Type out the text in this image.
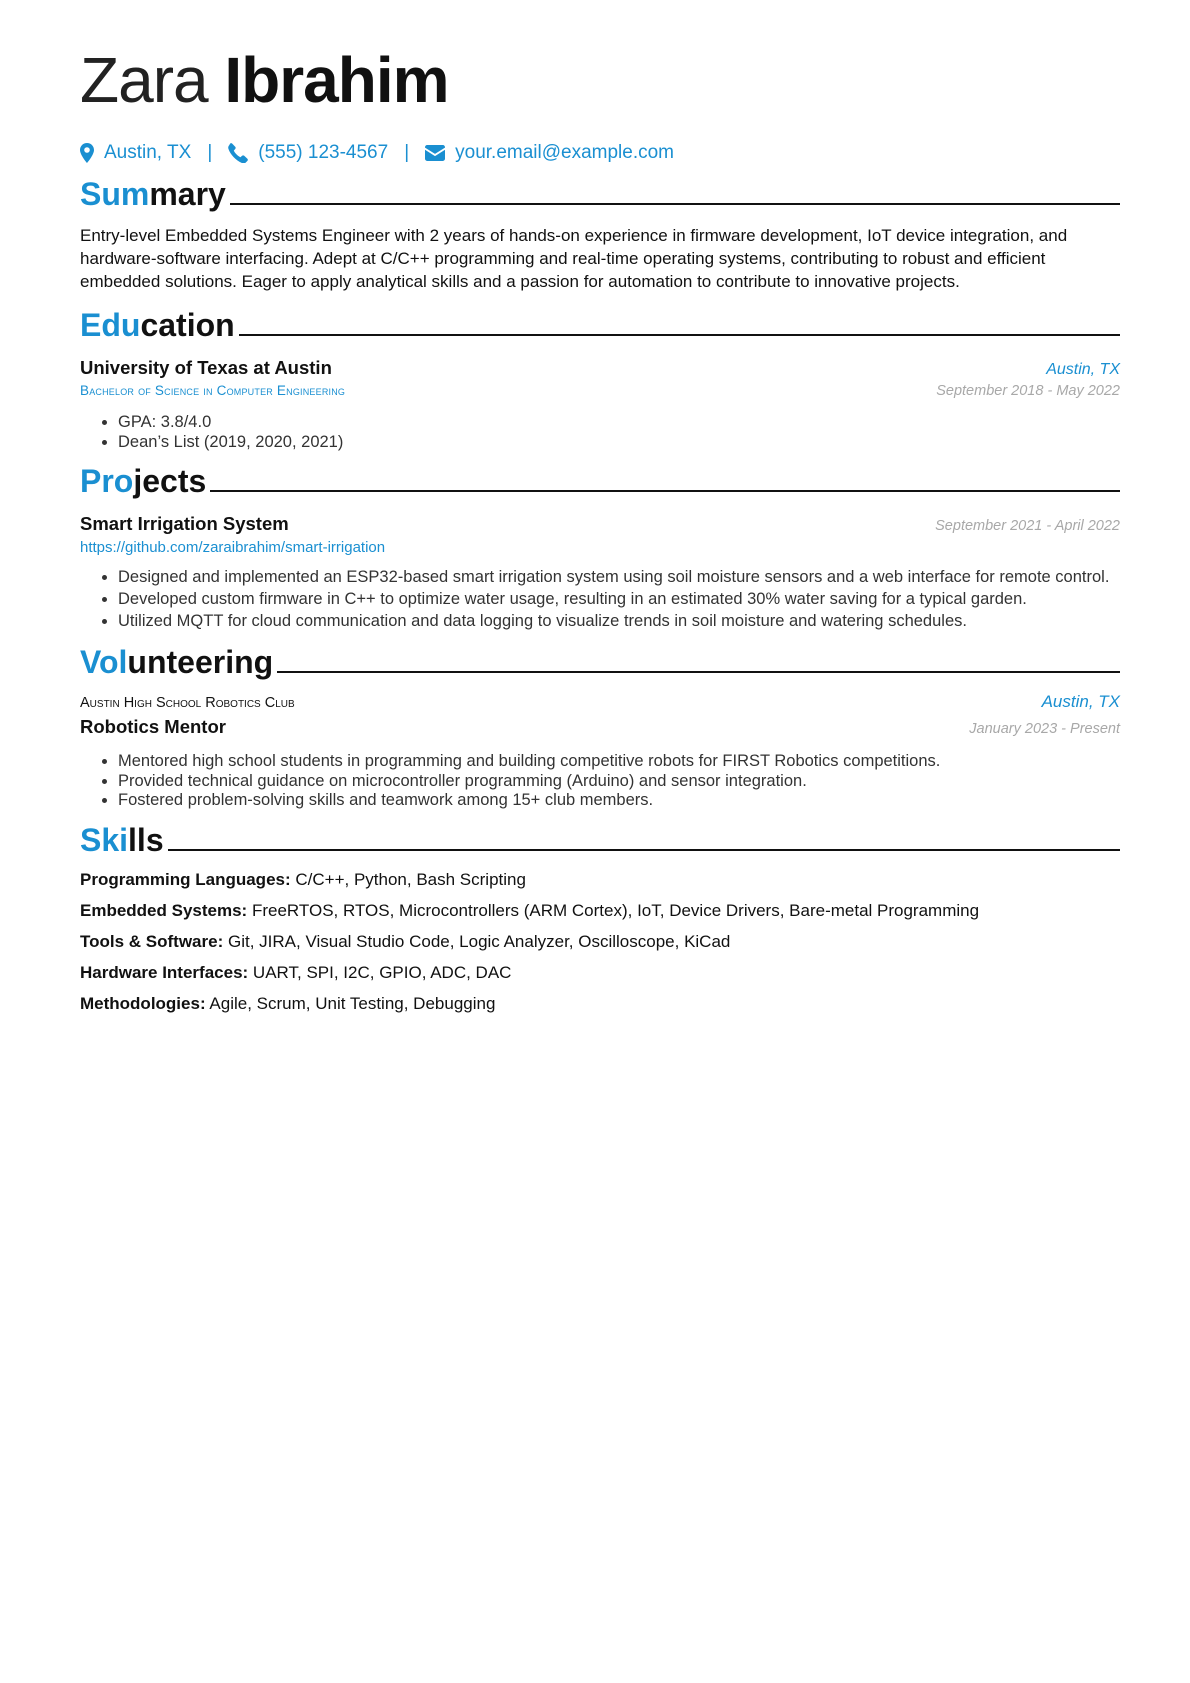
Zara Ibrahim
Austin, TX | (555) 123-4567 | your.email@example.com
Summary

Entry-level Embedded Systems Engineer with 2 years of hands-on experience in firmware development, IoT device integration, and hardware-software interfacing. Adept at C/C++ programming and real-time operating systems, contributing to robust and efficient embedded solutions. Eager to apply analytical skills and a passion for automation to contribute to innovative projects.

Education
University of Texas at Austin	Austin, TX
Bachelor of Science in Computer Engineering	September 2018 - May 2022
• GPA: 3.8/4.0
• Dean’s List (2019, 2020, 2021)
Projects
Smart Irrigation System	September 2021 - April 2022
https://github.com/zaraibrahim/smart-irrigation
• Designed and implemented an ESP32-based smart irrigation system using soil moisture sensors and a web interface for remote control.
• Developed custom firmware in C++ to optimize water usage, resulting in an estimated 30% water saving for a typical garden.
• Utilized MQTT for cloud communication and data logging to visualize trends in soil moisture and watering schedules.
Volunteering
Austin High School Robotics Club	Austin, TX
Robotics Mentor	January 2023 - Present
• Mentored high school students in programming and building competitive robots for FIRST Robotics competitions.
• Provided technical guidance on microcontroller programming (Arduino) and sensor integration.
• Fostered problem-solving skills and teamwork among 15+ club members.
Skills
Programming Languages: C/C++, Python, Bash Scripting
Embedded Systems: FreeRTOS, RTOS, Microcontrollers (ARM Cortex), IoT, Device Drivers, Bare-metal Programming
Tools & Software: Git, JIRA, Visual Studio Code, Logic Analyzer, Oscilloscope, KiCad
Hardware Interfaces: UART, SPI, I2C, GPIO, ADC, DAC
Methodologies: Agile, Scrum, Unit Testing, Debugging
